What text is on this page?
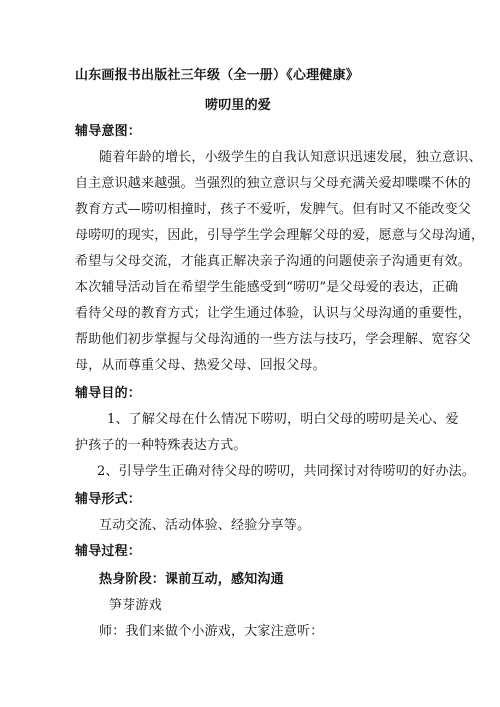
山东画报书出版社三年级（全一册）《心理健康》
唠叨里的爱
辅导意图：
随着年龄的增长，小级学生的自我认知意识迅速发展，独立意识、
自主意识越来越强。当强烈的独立意识与父母充满关爱却喋喋不休的
教育方式—唠叨相撞时，孩子不爱听，发脾气。但有时又不能改变父
母唠叨的现实，因此，引导学生学会理解父母的爱，愿意与父母沟通，
希望与父母交流，才能真正解决亲子沟通的问题使亲子沟通更有效。
本次辅导活动旨在希望学生能感受到“唠叨”是父母爱的表达，正确
看待父母的教育方式；让学生通过体验，认识与父母沟通的重要性，
帮助他们初步掌握与父母沟通的一些方法与技巧，学会理解、宽容父
母，从而尊重父母、热爱父母、回报父母。
辅导目的：
1、了解父母在什么情况下唠叨，明白父母的唠叨是关心、爱
护孩子的一种特殊表达方式。
2、引导学生正确对待父母的唠叨，共同探讨对待唠叨的好办法。
辅导形式：
互动交流、活动体验、经验分享等。
辅导过程：
热身阶段：课前互动，感知沟通
笋芽游戏
师：我们来做个小游戏，大家注意听：
